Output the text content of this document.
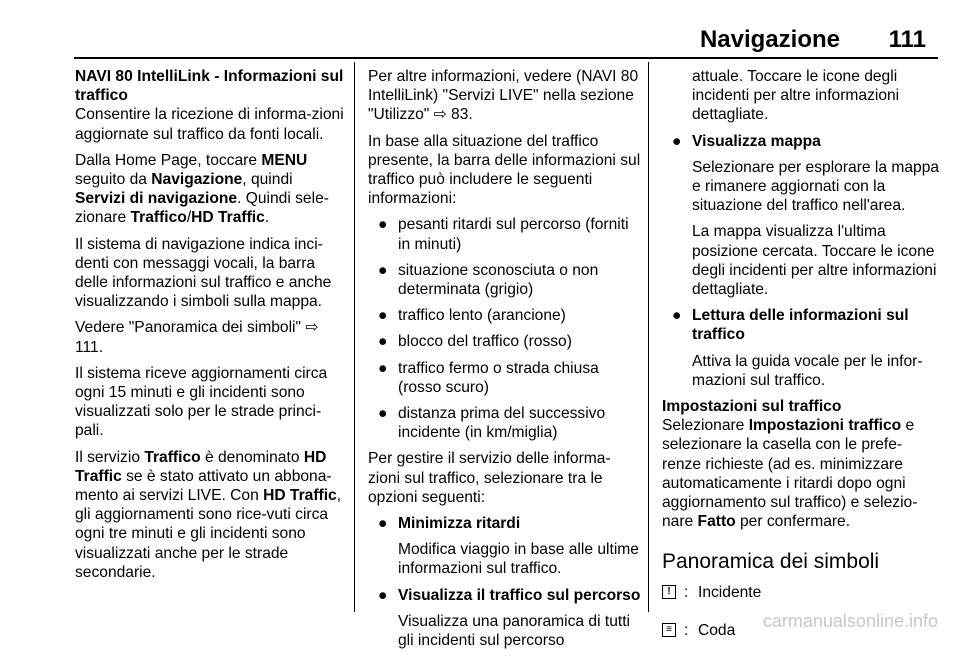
Navigazione 111

NAVI 80 IntelliLink - Informazioni sul traffico

Consentire la ricezione di informa-zioni aggiornate sul traffico da fonti locali.

Dalla Home Page, toccare MENU seguito da Navigazione, quindi Servizi di navigazione. Quindi sele-zionare Traffico/HD Traffic.

Il sistema di navigazione indica inci-denti con messaggi vocali, la barra delle informazioni sul traffico e anche visualizzando i simboli sulla mappa.

Vedere "Panoramica dei simboli" ⇨ 111.

Il sistema riceve aggiornamenti circa ogni 15 minuti e gli incidenti sono visualizzati solo per le strade princi-pali.

Il servizio Traffico è denominato HD Traffic se è stato attivato un abbona-mento ai servizi LIVE. Con HD Traffic, gli aggiornamenti sono rice-vuti circa ogni tre minuti e gli incidenti sono visualizzati anche per le strade secondarie.

Per altre informazioni, vedere (NAVI 80 IntelliLink) "Servizi LIVE" nella sezione "Utilizzo" ⇨ 83.

In base alla situazione del traffico presente, la barra delle informazioni sul traffico può includere le seguenti informazioni:

● pesanti ritardi sul percorso (forniti in minuti)
● situazione sconosciuta o non determinata (grigio)
● traffico lento (arancione)
● blocco del traffico (rosso)
● traffico fermo o strada chiusa (rosso scuro)
● distanza prima del successivo incidente (in km/miglia)

Per gestire il servizio delle informa-zioni sul traffico, selezionare tra le opzioni seguenti:

● Minimizza ritardi

Modifica viaggio in base alle ultime informazioni sul traffico.

● Visualizza il traffico sul percorso

Visualizza una panoramica di tutti gli incidenti sul percorso

attuale. Toccare le icone degli incidenti per altre informazioni dettagliate.

● Visualizza mappa

Selezionare per esplorare la mappa e rimanere aggiornati con la situazione del traffico nell'area.

La mappa visualizza l'ultima posizione cercata. Toccare le icone degli incidenti per altre informazioni dettagliate.

● Lettura delle informazioni sul traffico

Attiva la guida vocale per le infor-mazioni sul traffico.

Impostazioni sul traffico

Selezionare Impostazioni traffico e selezionare la casella con le prefe-renze richieste (ad es. minimizzare automaticamente i ritardi dopo ogni aggiornamento sul traffico) e selezio-nare Fatto per confermare.

Panoramica dei simboli

! : Incidente
≡ : Coda carmanualsonline.info
